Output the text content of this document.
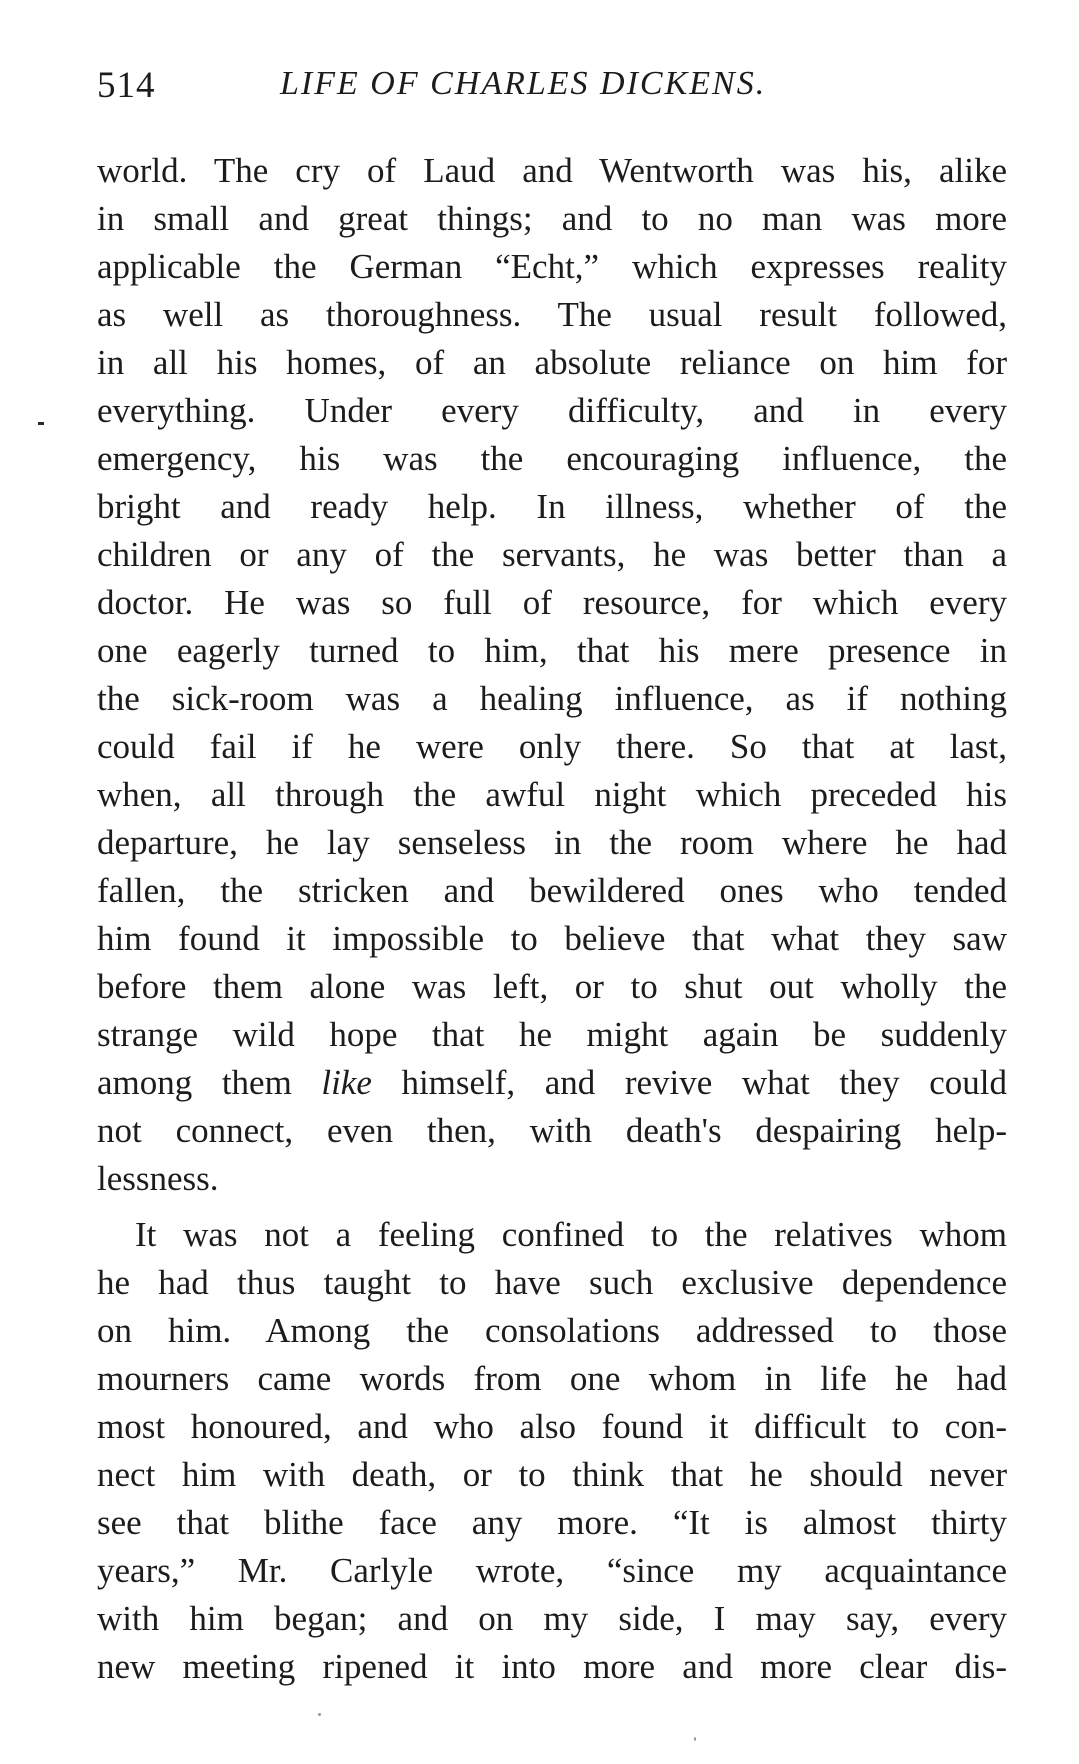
514	LIFE OF CHARLES DICKENS.
world. The cry of Laud and Wentworth was his, alike
in small and great things; and to no man was more
applicable the German “Echt,” which expresses reality
as well as thoroughness. The usual result followed,
in all his homes, of an absolute reliance on him for
everything. Under every difficulty, and in every
emergency, his was the encouraging influence, the
bright and ready help. In illness, whether of the
children or any of the servants, he was better than a
doctor. He was so full of resource, for which every
one eagerly turned to him, that his mere presence in
the sick-room was a healing influence, as if nothing
could fail if he were only there. So that at last,
when, all through the awful night which preceded his
departure, he lay senseless in the room where he had
fallen, the stricken and bewildered ones who tended
him found it impossible to believe that what they saw
before them alone was left, or to shut out wholly the
strange wild hope that he might again be suddenly
among them like himself, and revive what they could
not connect, even then, with death's despairing help-
lessness.
It was not a feeling confined to the relatives whom
he had thus taught to have such exclusive dependence
on him. Among the consolations addressed to those
mourners came words from one whom in life he had
most honoured, and who also found it difficult to con-
nect him with death, or to think that he should never
see that blithe face any more. “It is almost thirty
years,” Mr. Carlyle wrote, “since my acquaintance
with him began; and on my side, I may say, every
new meeting ripened it into more and more clear dis-
